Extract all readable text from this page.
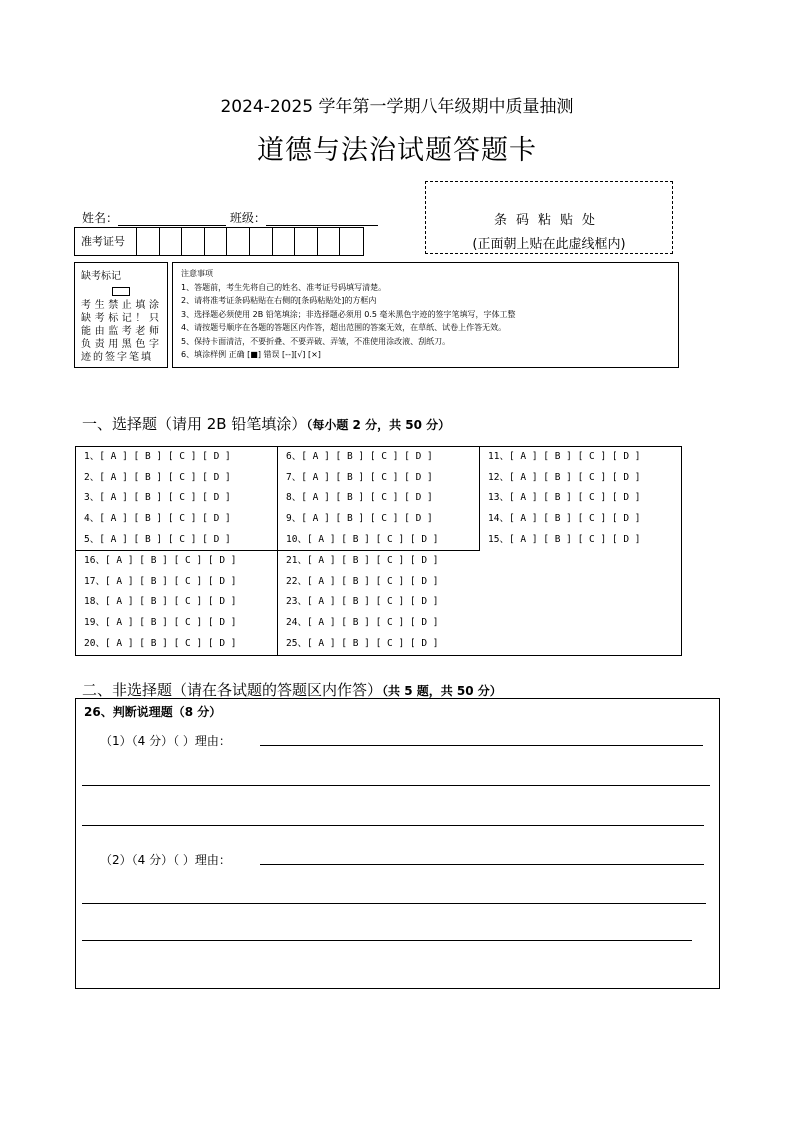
2024-2025 学年第一学期八年级期中质量抽测
道德与法治试题答题卡
条码粘贴处
(正面朝上贴在此虚线框内)
姓名：	班级：
准考证号
缺考标记
考生禁止填涂缺考标记！只能由监考老师负责用黑色字迹的签字笔填
注意事项
1、答题前，考生先将自己的姓名、准考证号码填写清楚。
2、请将准考证条码粘贴在右侧的[条码粘贴处]的方框内
3、选择题必须使用 2B 铅笔填涂；非选择题必须用 0.5 毫米黑色字迹的签字笔填写，字体工整
4、请按题号顺序在各题的答题区内作答，超出范围的答案无效，在草纸、试卷上作答无效。
5、保持卡面清洁，不要折叠、不要弄破、弄皱，不准使用涂改液、刮纸刀。
6、填涂样例 正确 [■] 错误 [--][√] [×]
一、选择题（请用 2B 铅笔填涂）（每小题 2 分，共 50 分）
1、[ A ] [ B ] [ C ] [ D ]
2、[ A ] [ B ] [ C ] [ D ]
3、[ A ] [ B ] [ C ] [ D ]
4、[ A ] [ B ] [ C ] [ D ]
5、[ A ] [ B ] [ C ] [ D ]
6、[ A ] [ B ] [ C ] [ D ]
7、[ A ] [ B ] [ C ] [ D ]
8、[ A ] [ B ] [ C ] [ D ]
9、[ A ] [ B ] [ C ] [ D ]
10、[ A ] [ B ] [ C ] [ D ]
11、[ A ] [ B ] [ C ] [ D ]
12、[ A ] [ B ] [ C ] [ D ]
13、[ A ] [ B ] [ C ] [ D ]
14、[ A ] [ B ] [ C ] [ D ]
15、[ A ] [ B ] [ C ] [ D ]
16、[ A ] [ B ] [ C ] [ D ]
17、[ A ] [ B ] [ C ] [ D ]
18、[ A ] [ B ] [ C ] [ D ]
19、[ A ] [ B ] [ C ] [ D ]
20、[ A ] [ B ] [ C ] [ D ]
21、[ A ] [ B ] [ C ] [ D ]
22、[ A ] [ B ] [ C ] [ D ]
23、[ A ] [ B ] [ C ] [ D ]
24、[ A ] [ B ] [ C ] [ D ]
25、[ A ] [ B ] [ C ] [ D ]
二、非选择题（请在各试题的答题区内作答）（共 5 题，共 50 分）
26、判断说理题（8 分）
（1）（4 分）（ ）理由：
（2）（4 分）（ ）理由：
